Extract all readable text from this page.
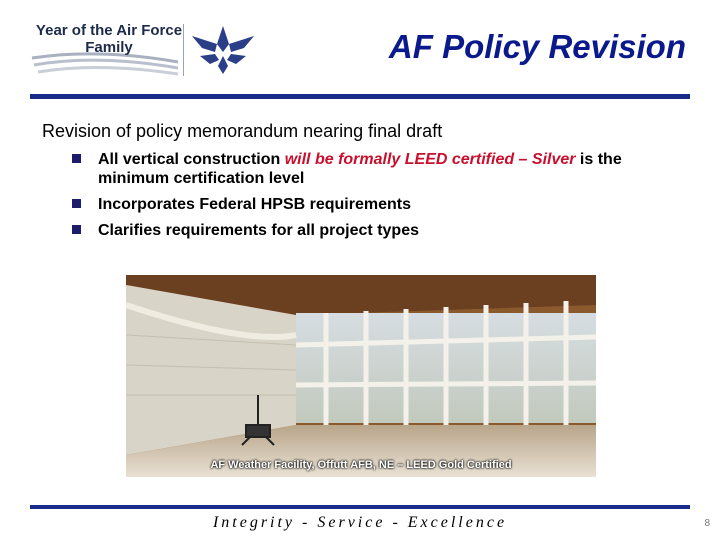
Year of the Air Force
Family	AF Policy Revision
Revision of policy memorandum nearing final draft
All vertical construction will be formally LEED certified – Silver is the minimum certification level
Incorporates Federal HPSB requirements
Clarifies requirements for all project types
AF Weather Facility, Offutt AFB, NE – LEED Gold Certified
Integrity - Service - Excellence	8
